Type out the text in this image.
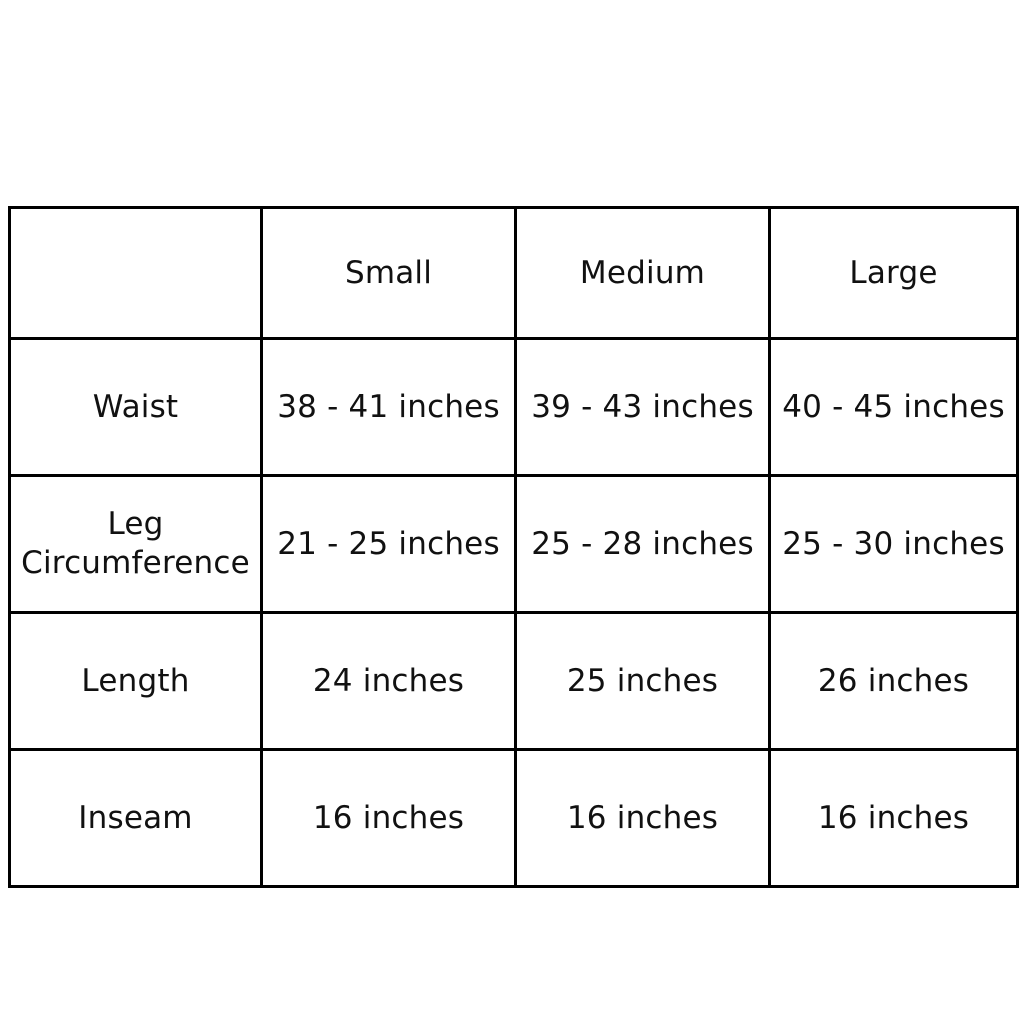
	Small	Medium	Large
Waist	38 - 41 inches	39 - 43 inches	40 - 45 inches
Leg
Circumference	21 - 25 inches	25 - 28 inches	25 - 30 inches
Length	24 inches	25 inches	26 inches
Inseam	16 inches	16 inches	16 inches
